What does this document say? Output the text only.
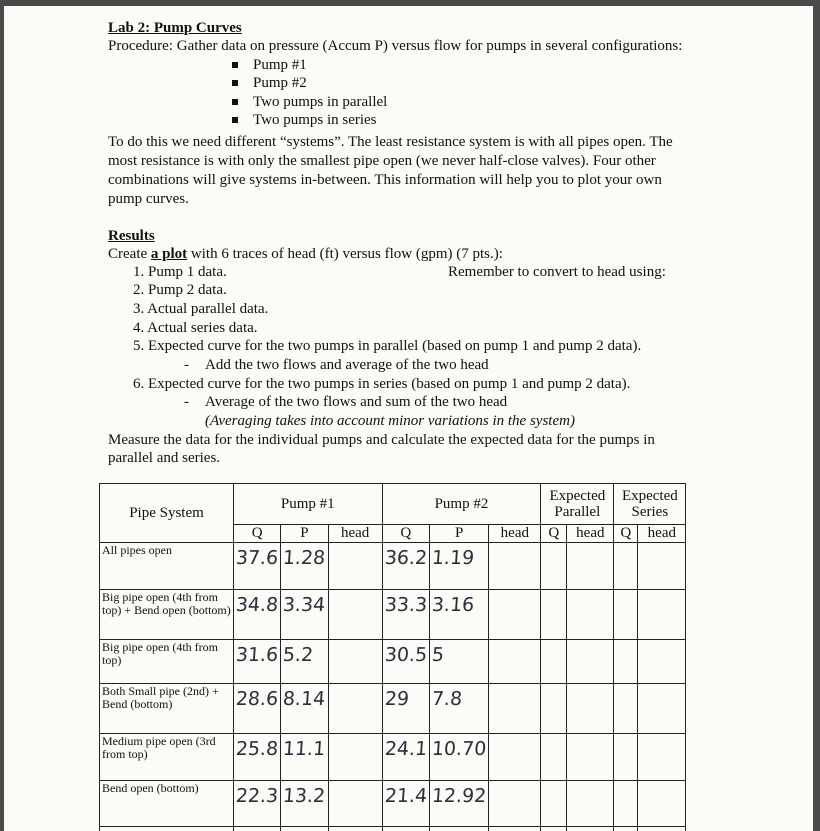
Lab 2: Pump Curves
Procedure: Gather data on pressure (Accum P) versus flow for pumps in several configurations:
Pump #1
Pump #2
Two pumps in parallel
Two pumps in series
To do this we need different “systems”. The least resistance system is with all pipes open. The
most resistance is with only the smallest pipe open (we never half-close valves). Four other
combinations will give systems in-between. This information will help you to plot your own
pump curves.
Results
Create a plot with 6 traces of head (ft) versus flow (gpm) (7 pts.):
1. Pump 1 data.	Remember to convert to head using:
2. Pump 2 data.
3. Actual parallel data.
4. Actual series data.
5. Expected curve for the two pumps in parallel (based on pump 1 and pump 2 data).
- Add the two flows and average of the two head
6. Expected curve for the two pumps in series (based on pump 1 and pump 2 data).
- Average of the two flows and sum of the two head
(Averaging takes into account minor variations in the system)
Measure the data for the individual pumps and calculate the expected data for the pumps in
parallel and series.
Pipe System	Pump #1			Pump #2			Expected Parallel		Expected Series	
	Q	P	head	Q	P	head	Q	head	Q	head
All pipes open	37.6	1.28		36.2	1.19					
Big pipe open (4th from top) + Bend open (bottom)	34.8	3.34		33.3	3.16					
Big pipe open (4th from top)	31.6	5.2		30.5	5					
Both Small pipe (2nd) + Bend (bottom)	28.6	8.14		29	7.8					
Medium pipe open (3rd from top)	25.8	11.1		24.1	10.70					
Bend open (bottom)	22.3	13.2		21.4	12.92					
